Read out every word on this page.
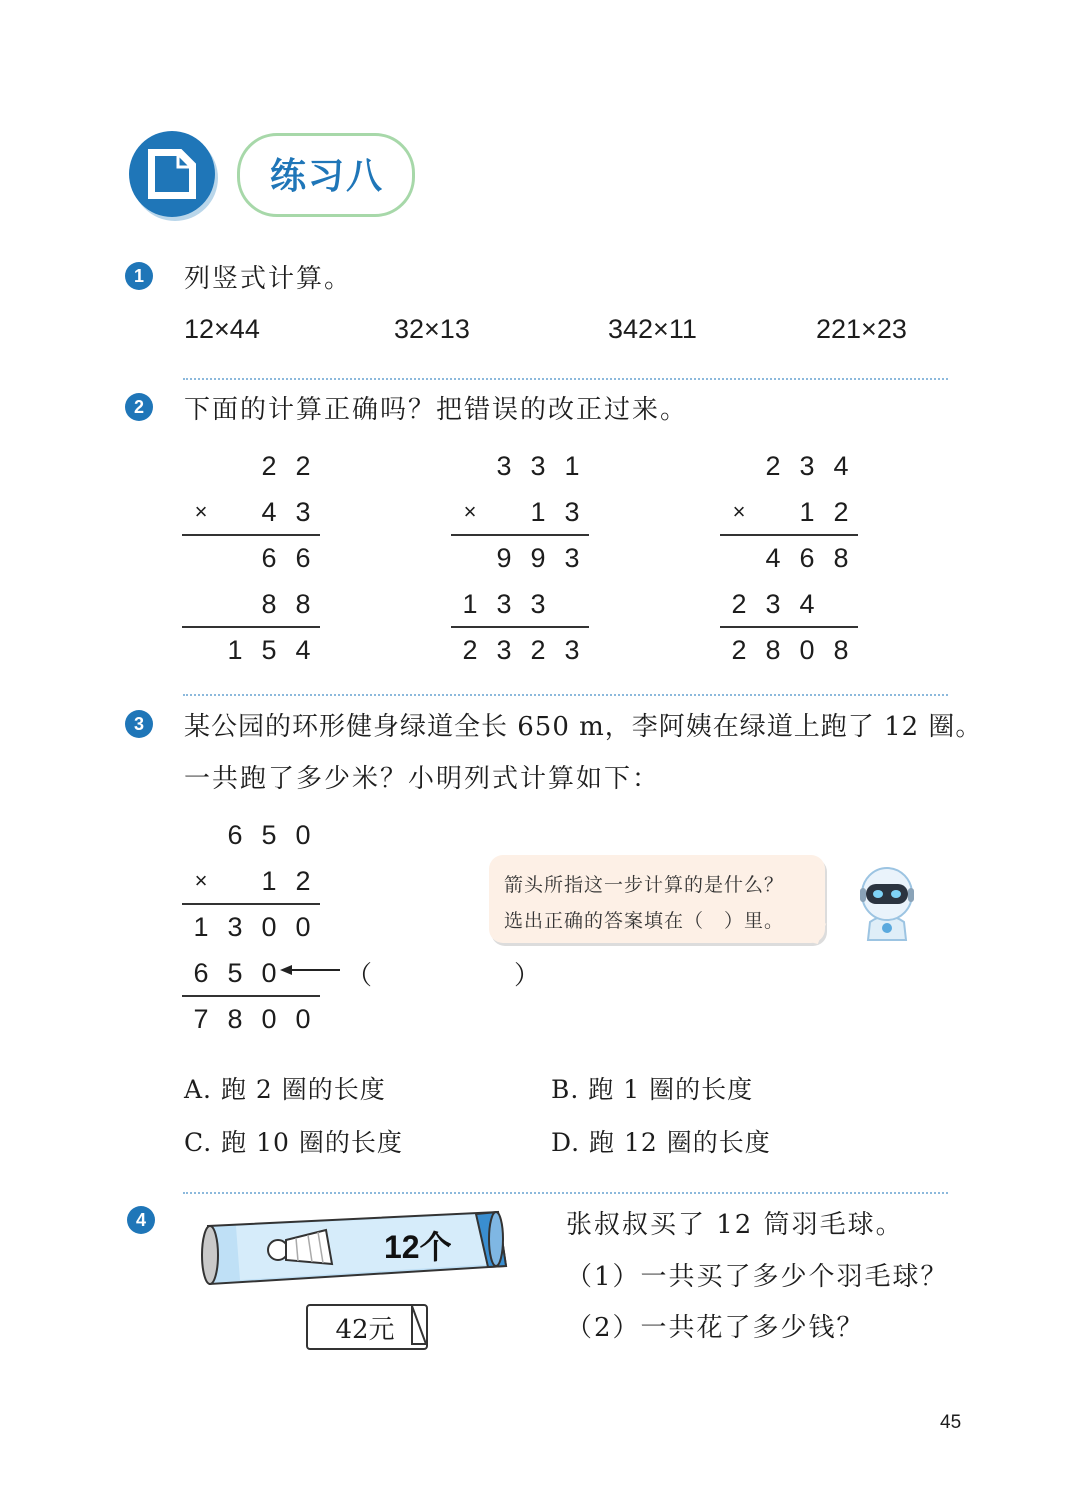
练习八
1	列竖式计算。
12×44	32×13	342×11	221×23
2	下面的计算正确吗？把错误的改正过来。
2 2
×	4 3
6 6
8 8
1 5 4
3 3 1
×	1 3
9 9 3
1 3 3
2 3 2 3
2 3 4
×	1 2
4 6 8
2 3 4
2 8 0 8
3	某公园的环形健身绿道全长 650 m，李阿姨在绿道上跑了 12 圈。
一共跑了多少米？小明列式计算如下：
6 5 0
×	1 2
1 3 0 0
6 5 0
7 8 0 0
（　　　　　）
箭头所指这一步计算的是什么？
选出正确的答案填在（　）里。
A. 跑 2 圈的长度	B. 跑 1 圈的长度
C. 跑 10 圈的长度	D. 跑 12 圈的长度
4
12个
42元
张叔叔买了 12 筒羽毛球。
（1）一共买了多少个羽毛球？
（2）一共花了多少钱？
45
